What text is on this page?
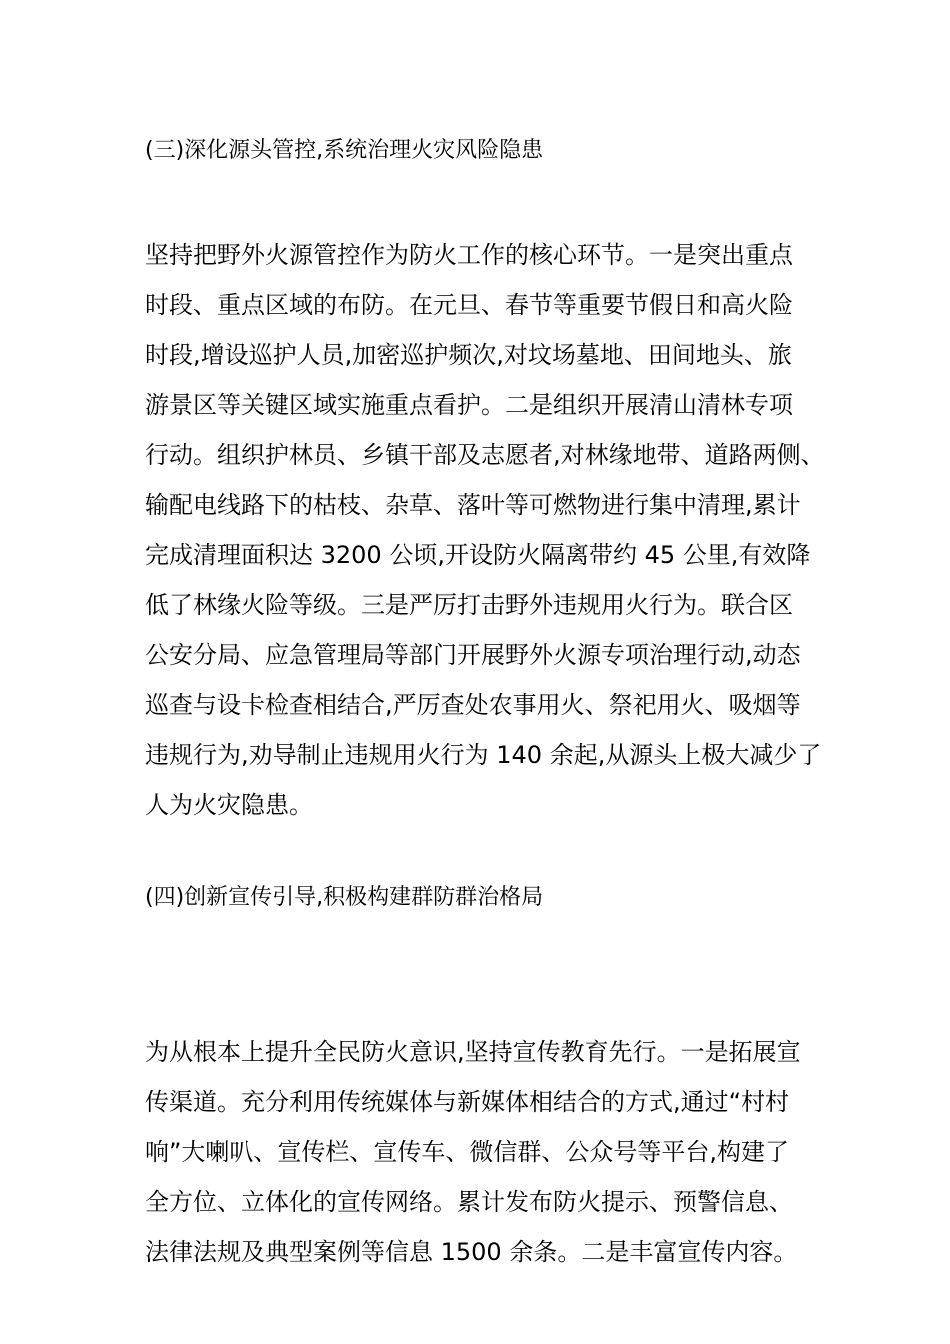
(三)深化源头管控,系统治理火灾风险隐患
坚持把野外火源管控作为防火工作的核心环节。一是突出重点
时段、重点区域的布防。在元旦、春节等重要节假日和高火险
时段,增设巡护人员,加密巡护频次,对坟场墓地、田间地头、旅
游景区等关键区域实施重点看护。二是组织开展清山清林专项
行动。组织护林员、乡镇干部及志愿者,对林缘地带、道路两侧、
输配电线路下的枯枝、杂草、落叶等可燃物进行集中清理,累计
完成清理面积达 3200 公顷,开设防火隔离带约 45 公里,有效降
低了林缘火险等级。三是严厉打击野外违规用火行为。联合区
公安分局、应急管理局等部门开展野外火源专项治理行动,动态
巡查与设卡检查相结合,严厉查处农事用火、祭祀用火、吸烟等
违规行为,劝导制止违规用火行为 140 余起,从源头上极大减少了
人为火灾隐患。
(四)创新宣传引导,积极构建群防群治格局
为从根本上提升全民防火意识,坚持宣传教育先行。一是拓展宣
传渠道。充分利用传统媒体与新媒体相结合的方式,通过“村村
响”大喇叭、宣传栏、宣传车、微信群、公众号等平台,构建了
全方位、立体化的宣传网络。累计发布防火提示、预警信息、
法律法规及典型案例等信息 1500 余条。二是丰富宣传内容。
